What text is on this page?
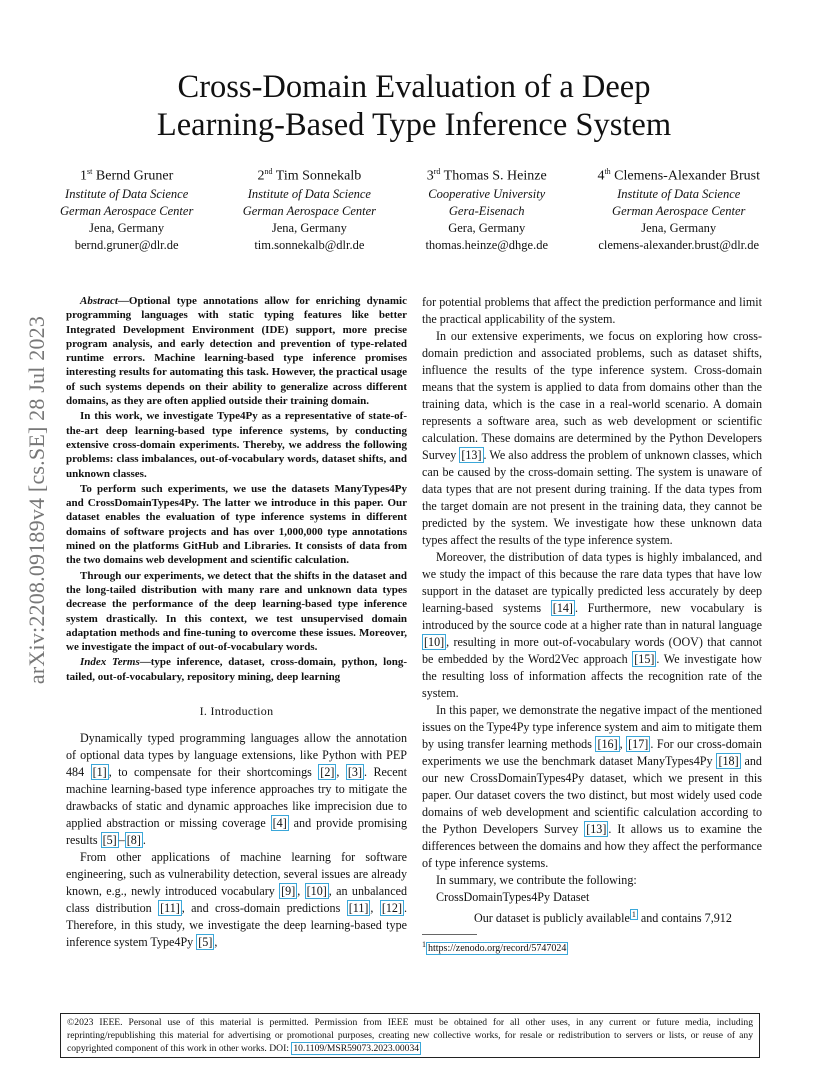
Cross-Domain Evaluation of a Deep
Learning-Based Type Inference System
1st Bernd Gruner
Institute of Data Science
German Aerospace Center
Jena, Germany
bernd.gruner@dlr.de
2nd Tim Sonnekalb
Institute of Data Science
German Aerospace Center
Jena, Germany
tim.sonnekalb@dlr.de
3rd Thomas S. Heinze
Cooperative University
Gera-Eisenach
Gera, Germany
thomas.heinze@dhge.de
4th Clemens-Alexander Brust
Institute of Data Science
German Aerospace Center
Jena, Germany
clemens-alexander.brust@dlr.de
arXiv:2208.09189v4 [cs.SE] 28 Jul 2023

Abstract—Optional type annotations allow for enriching dynamic programming languages with static typing features like better Integrated Development Environment (IDE) support, more precise program analysis, and early detection and prevention of type-related runtime errors. Machine learning-based type inference promises interesting results for automating this task. However, the practical usage of such systems depends on their ability to generalize across different domains, as they are often applied outside their training domain.

In this work, we investigate Type4Py as a representative of state-of-the-art deep learning-based type inference systems, by conducting extensive cross-domain experiments. Thereby, we address the following problems: class imbalances, out-of-vocabulary words, dataset shifts, and unknown classes.

To perform such experiments, we use the datasets ManyTypes4Py and CrossDomainTypes4Py. The latter we introduce in this paper. Our dataset enables the evaluation of type inference systems in different domains of software projects and has over 1,000,000 type annotations mined on the platforms GitHub and Libraries. It consists of data from the two domains web development and scientific calculation.

Through our experiments, we detect that the shifts in the dataset and the long-tailed distribution with many rare and unknown data types decrease the performance of the deep learning-based type inference system drastically. In this context, we test unsupervised domain adaptation methods and fine-tuning to overcome these issues. Moreover, we investigate the impact of out-of-vocabulary words.

Index Terms—type inference, dataset, cross-domain, python, long-tailed, out-of-vocabulary, repository mining, deep learning

I. Introduction

Dynamically typed programming languages allow the annotation of optional data types by language extensions, like Python with PEP 484 [1] , to compensate for their shortcomings [2] , [3] . Recent machine learning-based type inference approaches try to mitigate the drawbacks of static and dynamic approaches like imprecision due to applied abstraction or missing coverage [4] and provide promising results [5] – [8] .

From other applications of machine learning for software engineering, such as vulnerability detection, several issues are already known, e.g., newly introduced vocabulary [9] , [10] , an unbalanced class distribution [11] , and cross-domain predictions [11] , [12] . Therefore, in this study, we investigate the deep learning-based type inference system Type4Py [5] ,

for potential problems that affect the prediction performance and limit the practical applicability of the system.

In our extensive experiments, we focus on exploring how cross-domain prediction and associated problems, such as dataset shifts, influence the results of the type inference system. Cross-domain means that the system is applied to data from domains other than the training data, which is the case in a real-world scenario. A domain represents a software area, such as web development or scientific calculation. These domains are determined by the Python Developers Survey [13] . We also address the problem of unknown classes, which can be caused by the cross-domain setting. The system is unaware of data types that are not present during training. If the data types from the target domain are not present in the training data, they cannot be predicted by the system. We investigate how these unknown data types affect the results of the type inference system.

Moreover, the distribution of data types is highly imbalanced, and we study the impact of this because the rare data types that have low support in the dataset are typically predicted less accurately by deep learning-based systems [14] . Furthermore, new vocabulary is introduced by the source code at a higher rate than in natural language [10] , resulting in more out-of-vocabulary words (OOV) that cannot be embedded by the Word2Vec approach [15] . We investigate how the resulting loss of information affects the recognition rate of the system.

In this paper, we demonstrate the negative impact of the mentioned issues on the Type4Py type inference system and aim to mitigate them by using transfer learning methods [16] , [17] . For our cross-domain experiments we use the benchmark dataset ManyTypes4Py [18] and our new CrossDomainTypes4Py dataset, which we present in this paper. Our dataset covers the two distinct, but most widely used code domains of web development and scientific calculation according to the Python Developers Survey [13] . It allows us to examine the differences between the domains and how they affect the performance of type inference systems.

In summary, we contribute the following:

CrossDomainTypes4Py Dataset

Our dataset is publicly available $^1$ and contains 7,912

$^1$ https://zenodo.org/record/5747024

©2023 IEEE. Personal use of this material is permitted. Permission from IEEE must be obtained for all other uses, in any current or future media, including reprinting/republishing this material for advertising or promotional purposes, creating new collective works, for resale or redistribution to servers or lists, or reuse of any copyrighted component of this work in other works. DOI: 10.1109/MSR59073.2023.00034
